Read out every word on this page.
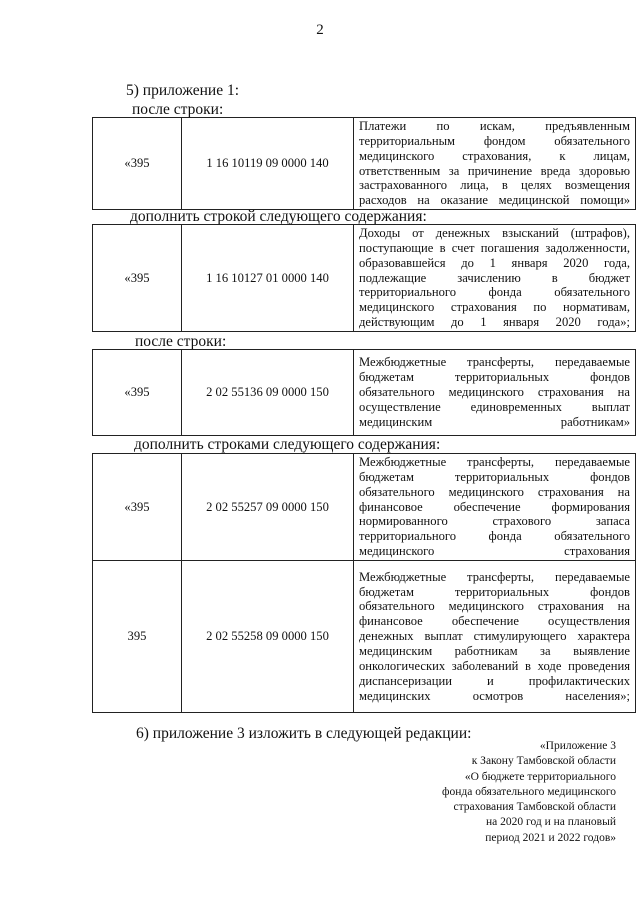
2
5) приложение 1:
после строки:
«395	1 16 10119 09 0000 140	
Платежи по искам, предъявленным территориальным фондом обязательного медицинского страхования, к лицам, ответственным за причинение вреда здоровью застрахованного лица, в целях возмещения расходов на оказание медицинской помощи»
дополнить строкой следующего содержания:
«395	1 16 10127 01 0000 140	
Доходы от денежных взысканий (штрафов), поступающие в счет погашения задолженности, образовавшейся до 1 января 2020 года, подлежащие зачислению в бюджет территориального фонда обязательного медицинского страхования по нормативам, действующим до 1 января 2020 года»;
после строки:
«395	2 02 55136 09 0000 150	
Межбюджетные трансферты, передаваемые бюджетам территориальных фондов обязательного медицинского страхования на осуществление единовременных выплат медицинским работникам»
дополнить строками следующего содержания:
«395	2 02 55257 09 0000 150	Межбюджетные трансферты, передаваемые бюджетам территориальных фондов обязательного медицинского страхования на финансовое обеспечение формирования нормированного страхового запаса территориального фонда обязательного медицинского страхования

395	2 02 55258 09 0000 150	Межбюджетные трансферты, передаваемые бюджетам территориальных фондов обязательного медицинского страхования на финансовое обеспечение осуществления денежных выплат стимулирующего характера медицинским работникам за выявление онкологических заболеваний в ходе проведения диспансеризации и профилактических медицинских осмотров населения»;
6) приложение 3 изложить в следующей редакции:
«Приложение 3
к Закону Тамбовской области
«О бюджете территориального
фонда обязательного медицинского
страхования Тамбовской области
на 2020 год и на плановый
период 2021 и 2022 годов»
